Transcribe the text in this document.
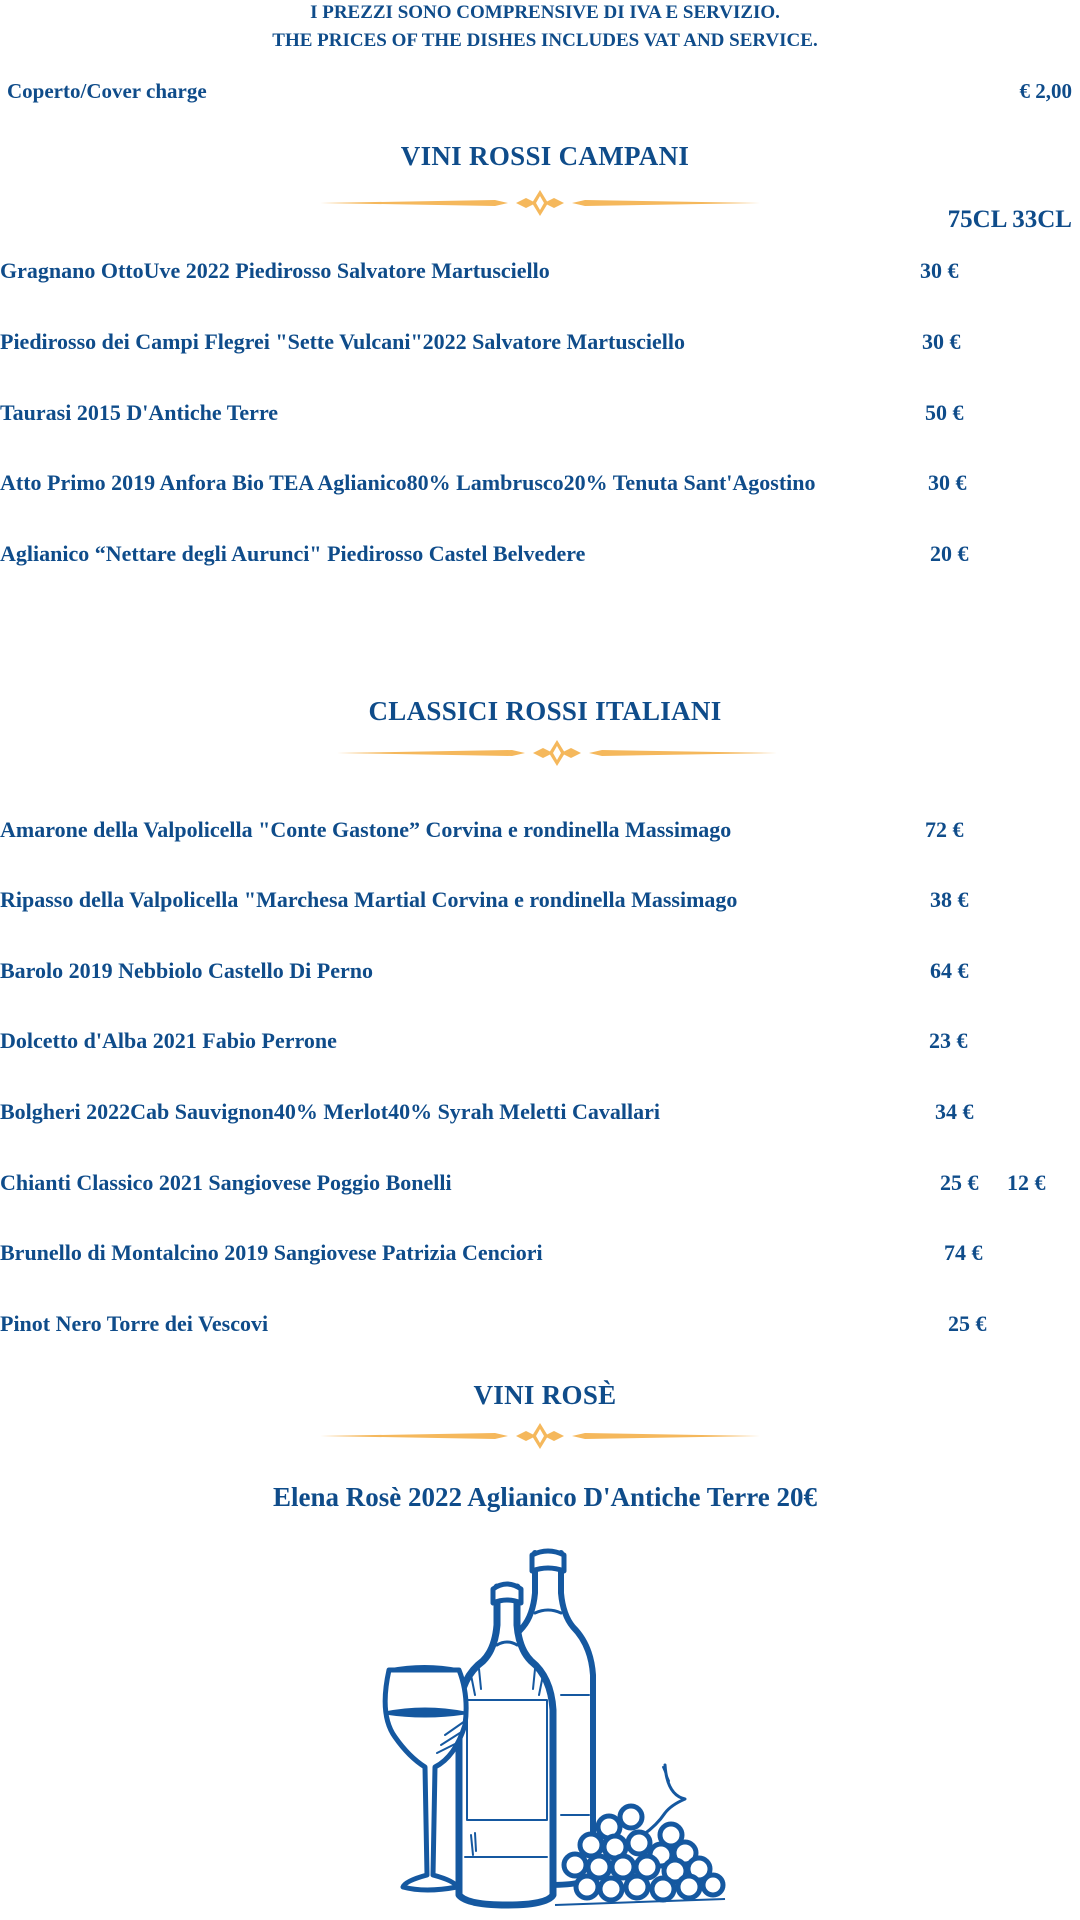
I PREZZI SONO COMPRENSIVE DI IVA E SERVIZIO.
THE PRICES OF THE DISHES INCLUDES VAT AND SERVICE.
Coperto/Cover charge	€ 2,00
VINI ROSSI CAMPANI
75CL 33CL
Gragnano OttoUve 2022 Piedirosso Salvatore Martusciello	30 €
Piedirosso dei Campi Flegrei "Sette Vulcani"2022 Salvatore Martusciello	30 €
Taurasi 2015 D'Antiche Terre	50 €
Atto Primo 2019 Anfora Bio TEA Aglianico80% Lambrusco20% Tenuta Sant'Agostino	30 €
Aglianico “Nettare degli Aurunci" Piedirosso Castel Belvedere	20 €
CLASSICI ROSSI ITALIANI
Amarone della Valpolicella "Conte Gastone” Corvina e rondinella Massimago	72 €
Ripasso della Valpolicella "Marchesa Martial Corvina e rondinella Massimago	38 €
Barolo 2019 Nebbiolo Castello Di Perno	64 €
Dolcetto d'Alba 2021 Fabio Perrone	23 €
Bolgheri 2022Cab Sauvignon40% Merlot40% Syrah Meletti Cavallari	34 €
Chianti Classico 2021 Sangiovese Poggio Bonelli	25 € 12 €
Brunello di Montalcino 2019 Sangiovese Patrizia Cenciori	74 €
Pinot Nero Torre dei Vescovi	25 €
VINI ROSÈ
Elena Rosè 2022 Aglianico D'Antiche Terre 20€
